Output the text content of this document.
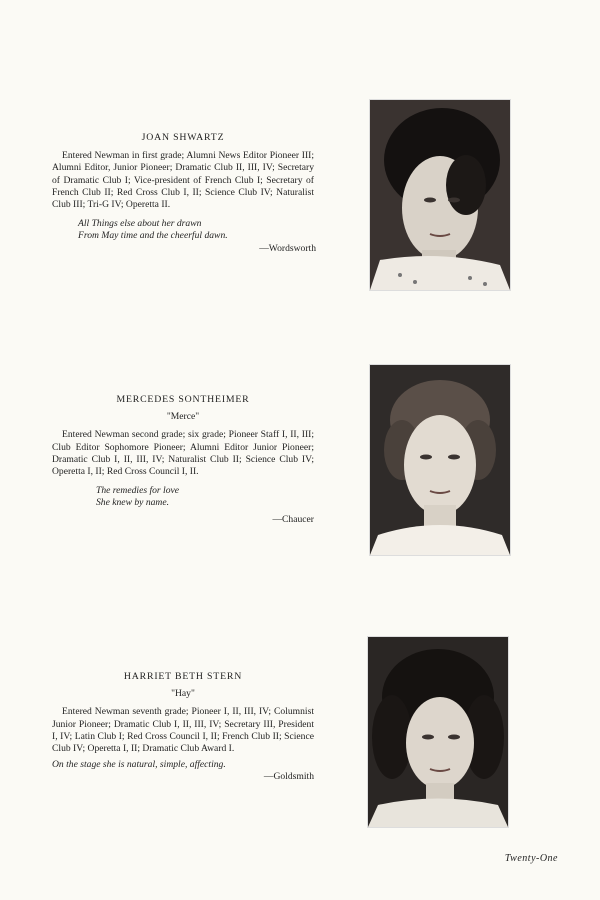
JOAN SHWARTZ

Entered Newman in first grade; Alumni News Editor Pioneer III; Alumni Editor, Junior Pioneer; Dramatic Club II, III, IV; Secretary of Dramatic Club I; Vice-president of French Club I; Secretary of French Club II; Red Cross Club I, II; Science Club IV; Naturalist Club III; Tri-G IV; Operetta II.

All Things else about her drawn
From May time and the cheerful dawn.
—Wordsworth
MERCEDES SONTHEIMER
"Merce"

Entered Newman second grade; six grade; Pioneer Staff I, II, III; Club Editor Sophomore Pioneer; Alumni Editor Junior Pioneer; Dramatic Club I, II, III, IV; Naturalist Club II; Science Club IV; Operetta I, II; Red Cross Council I, II.

The remedies for love
She knew by name.
—Chaucer
HARRIET BETH STERN
"Hay"

Entered Newman seventh grade; Pioneer I, II, III, IV; Columnist Junior Pioneer; Dramatic Club I, II, III, IV; Secretary III, President I, IV; Latin Club I; Red Cross Council I, II; French Club II; Science Club IV; Operetta I, II; Dramatic Club Award I.

On the stage she is natural, simple, affecting.
—Goldsmith
Twenty-One
